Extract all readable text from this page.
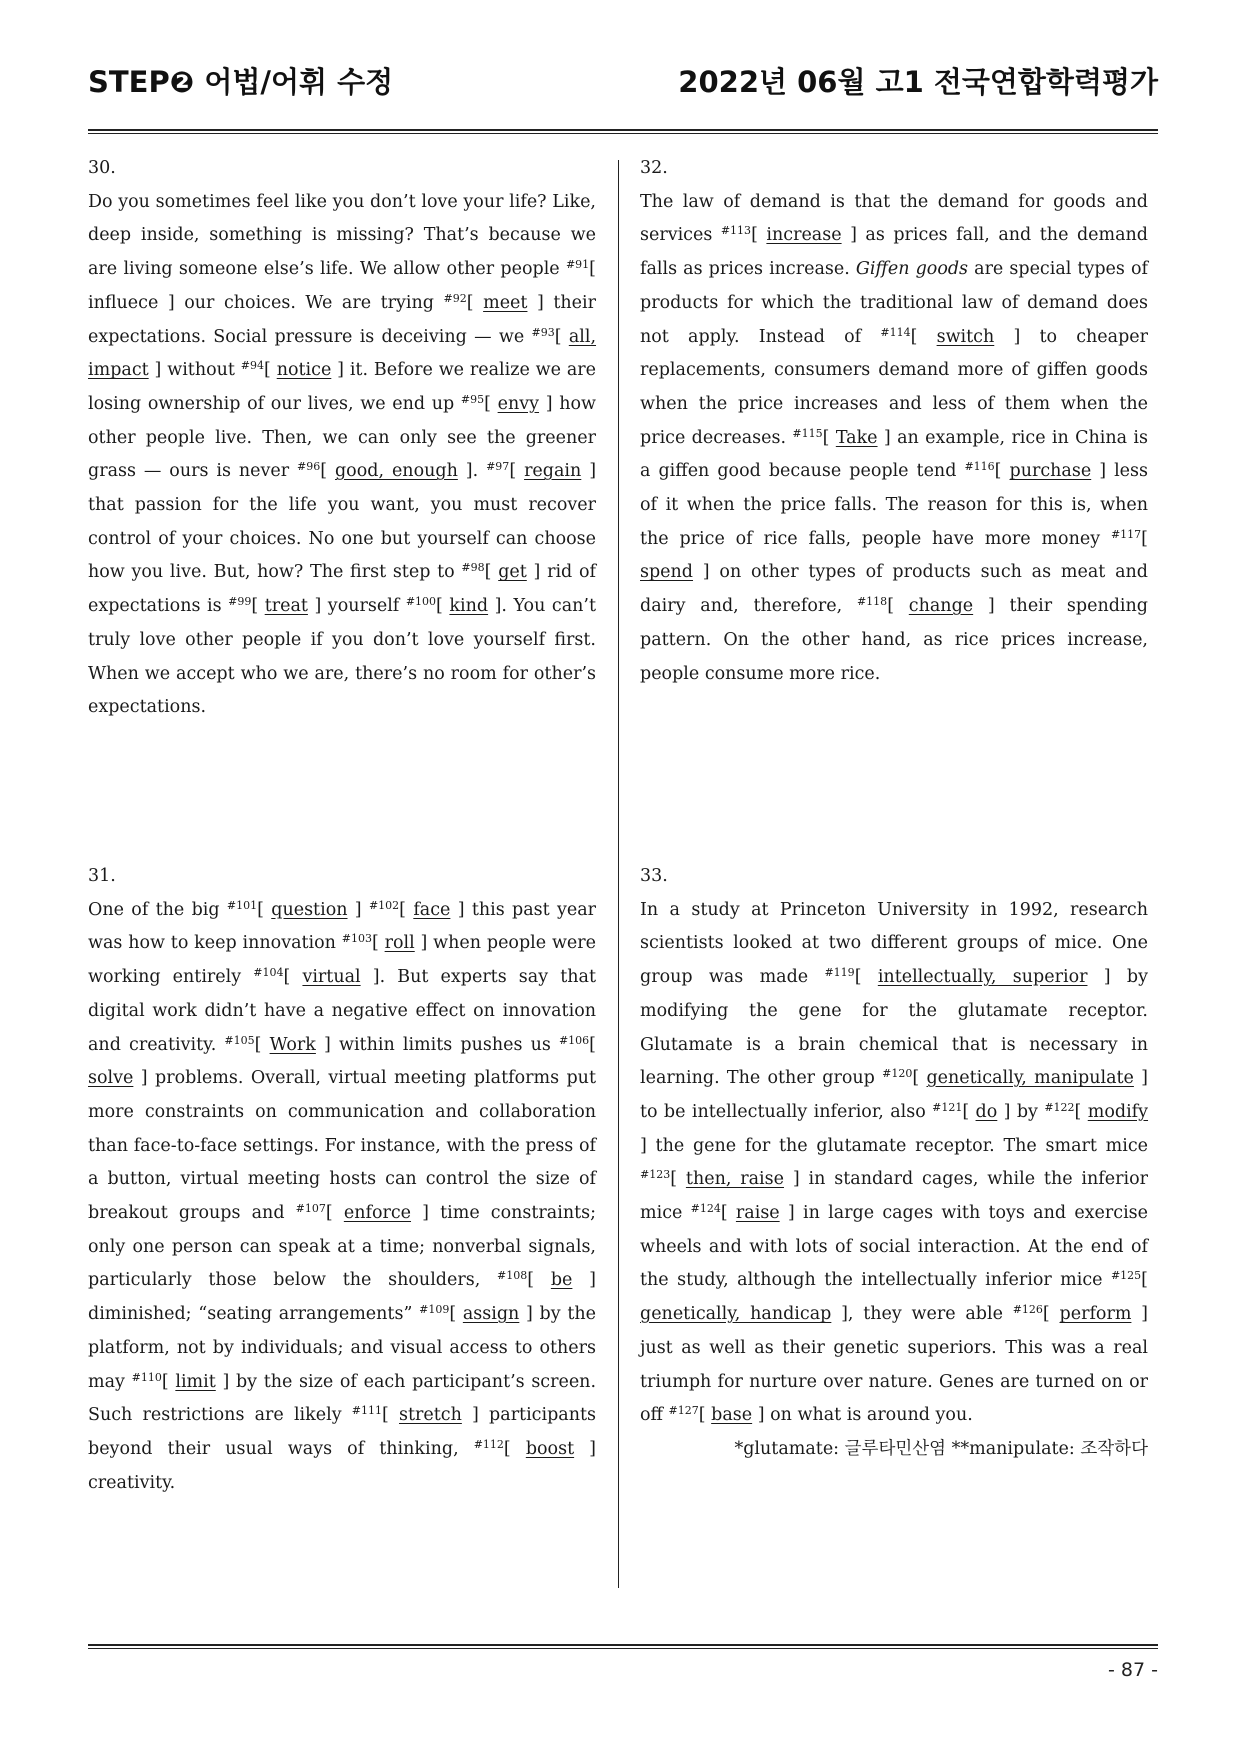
STEP❷ 어법/어휘 수정	2022년 06월 고1 전국연합학력평가
30.

Do you sometimes feel like you don’t love your life? Like, deep inside, something is missing? That’s because we are living someone else’s life. We allow other people $^{\#91}$[ influece ] our choices. We are trying $^{\#92}$[ meet ] their expectations. Social pressure is deceiving — we $^{\#93}$[ all, impact ] without $^{\#94}$[ notice ] it. Before we realize we are losing ownership of our lives, we end up $^{\#95}$[ envy ] how other people live. Then, we can only see the greener grass — ours is never $^{\#96}$[ good, enough ]. $^{\#97}$[ regain ] that passion for the life you want, you must recover control of your choices. No one but yourself can choose how you live. But, how? The first step to $^{\#98}$[ get ] rid of expectations is $^{\#99}$[ treat ] yourself $^{\#100}$[ kind ]. You can’t truly love other people if you don’t love yourself first. When we accept who we are, there’s no room for other’s expectations.

32.

The law of demand is that the demand for goods and services $^{\#113}$[ increase ] as prices fall, and the demand falls as prices increase. Giffen goods are special types of products for which the traditional law of demand does not apply. Instead of $^{\#114}$[ switch ] to cheaper replacements, consumers demand more of giffen goods when the price increases and less of them when the price decreases. $^{\#115}$[ Take ] an example, rice in China is a giffen good because people tend $^{\#116}$[ purchase ] less of it when the price falls. The reason for this is, when the price of rice falls, people have more money $^{\#117}$[ spend ] on other types of products such as meat and dairy and, therefore, $^{\#118}$[ change ] their spending pattern. On the other hand, as rice prices increase, people consume more rice.

31.

One of the big $^{\#101}$[ question ] $^{\#102}$[ face ] this past year was how to keep innovation $^{\#103}$[ roll ] when people were working entirely $^{\#104}$[ virtual ]. But experts say that digital work didn’t have a negative effect on innovation and creativity. $^{\#105}$[ Work ] within limits pushes us $^{\#106}$[ solve ] problems. Overall, virtual meeting platforms put more constraints on communication and collaboration than face-to-face settings. For instance, with the press of a button, virtual meeting hosts can control the size of breakout groups and $^{\#107}$[ enforce ] time constraints; only one person can speak at a time; nonverbal signals, particularly those below the shoulders, $^{\#108}$[ be ] diminished; “seating arrangements” $^{\#109}$[ assign ] by the platform, not by individuals; and visual access to others may $^{\#110}$[ limit ] by the size of each participant’s screen. Such restrictions are likely $^{\#111}$[ stretch ] participants beyond their usual ways of thinking, $^{\#112}$[ boost ] creativity.

33.

In a study at Princeton University in 1992, research scientists looked at two different groups of mice. One group was made $^{\#119}$[ intellectually, superior ] by modifying the gene for the glutamate receptor. Glutamate is a brain chemical that is necessary in learning. The other group $^{\#120}$[ genetically, manipulate ] to be intellectually inferior, also $^{\#121}$[ do ] by $^{\#122}$[ modify ] the gene for the glutamate receptor. The smart mice $^{\#123}$[ then, raise ] in standard cages, while the inferior mice $^{\#124}$[ raise ] in large cages with toys and exercise wheels and with lots of social interaction. At the end of the study, although the intellectually inferior mice $^{\#125}$[ genetically, handicap ], they were able $^{\#126}$[ perform ] just as well as their genetic superiors. This was a real triumph for nurture over nature. Genes are turned on or off $^{\#127}$[ base ] on what is around you.

*glutamate: 글루타민산염 **manipulate: 조작하다
- 87 -
